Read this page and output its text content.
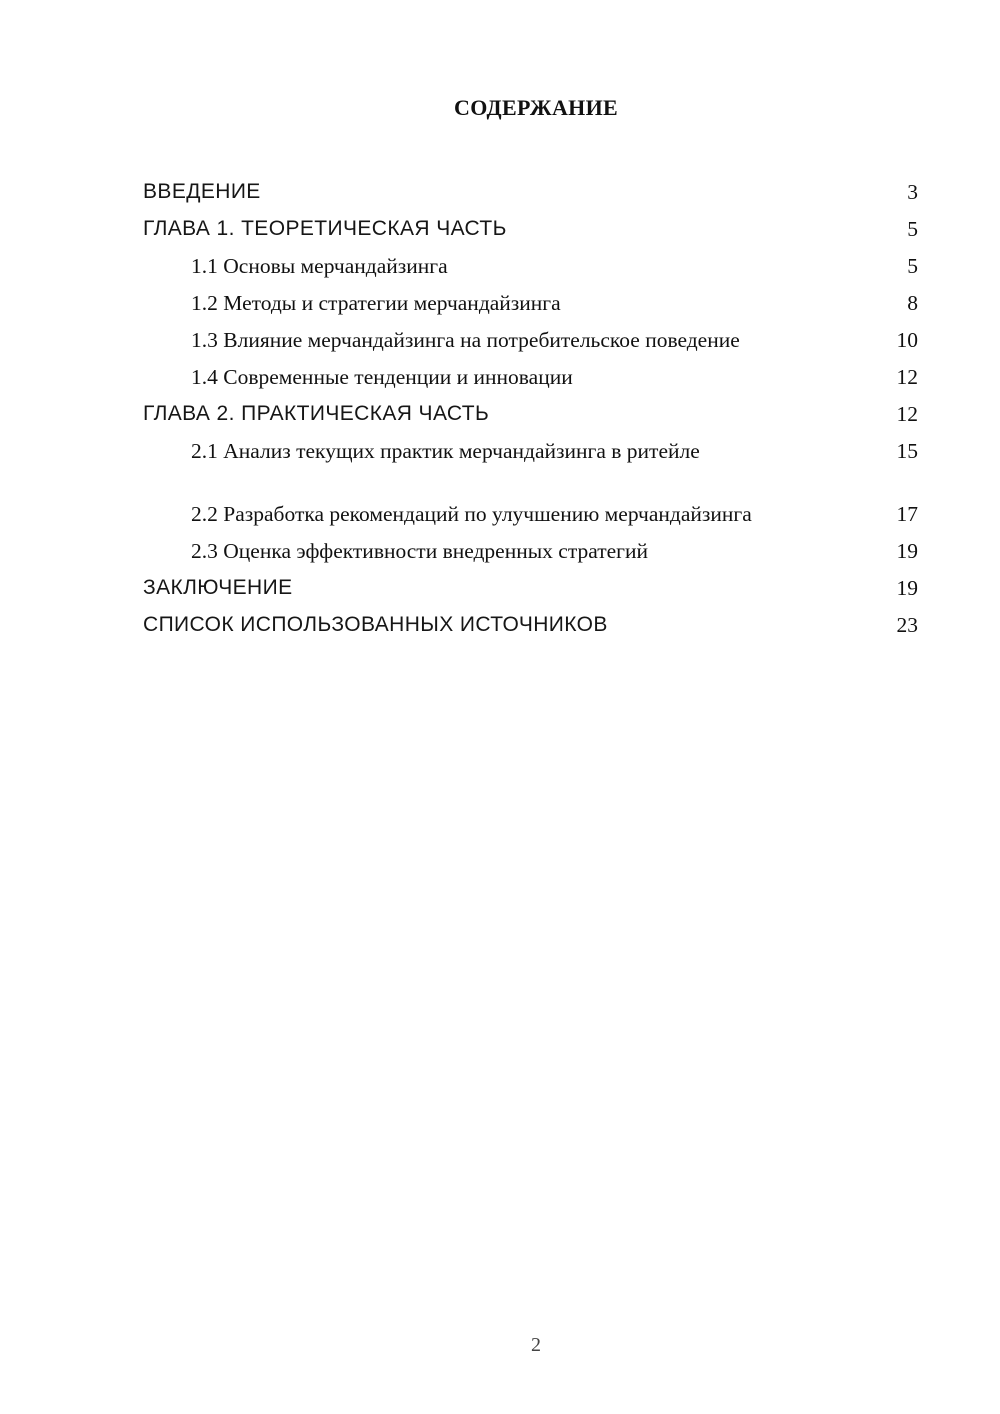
СОДЕРЖАНИЕ
ВВЕДЕНИЕ	3
ГЛАВА 1. ТЕОРЕТИЧЕСКАЯ ЧАСТЬ	5
1.1 Основы мерчандайзинга	5
1.2 Методы и стратегии мерчандайзинга	8
1.3 Влияние мерчандайзинга на потребительское поведение	10
1.4 Современные тенденции и инновации	12
ГЛАВА 2. ПРАКТИЧЕСКАЯ ЧАСТЬ	12
2.1 Анализ текущих практик мерчандайзинга в ритейле	15
2.2 Разработка рекомендаций по улучшению мерчандайзинга	17
2.3 Оценка эффективности внедренных стратегий	19
ЗАКЛЮЧЕНИЕ	19
СПИСОК ИСПОЛЬЗОВАННЫХ ИСТОЧНИКОВ	23
2
